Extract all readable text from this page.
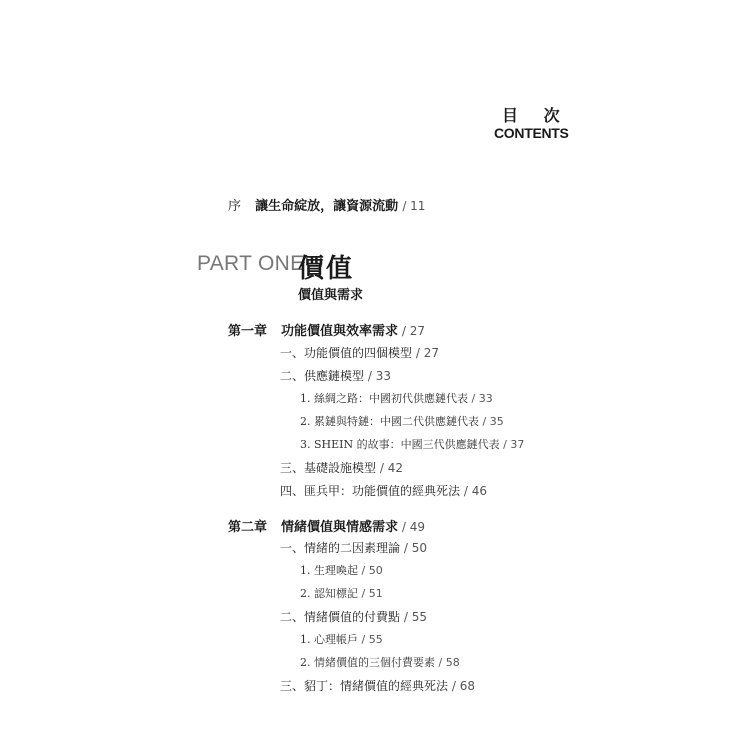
目 次
CONTENTS
序 讓生命綻放，讓資源流動 / 11
PART ONE
價值
價值與需求
第一章 功能價值與效率需求 / 27
一、功能價值的四個模型 / 27
二、供應鏈模型 / 33
1. 絲綢之路：中國初代供應鏈代表 / 33
2. 累鏈與特鏈：中國二代供應鏈代表 / 35
3. SHEIN 的故事：中國三代供應鏈代表 / 37
三、基礎設施模型 / 42
四、匪兵甲：功能價值的經典死法 / 46
第二章 情緒價值與情感需求 / 49
一、情緒的二因素理論 / 50
1. 生理喚起 / 50
2. 認知標記 / 51
二、情緒價值的付費點 / 55
1. 心理帳戶 / 55
2. 情緒價值的三個付費要素 / 58
三、貂丁：情緒價值的經典死法 / 68
